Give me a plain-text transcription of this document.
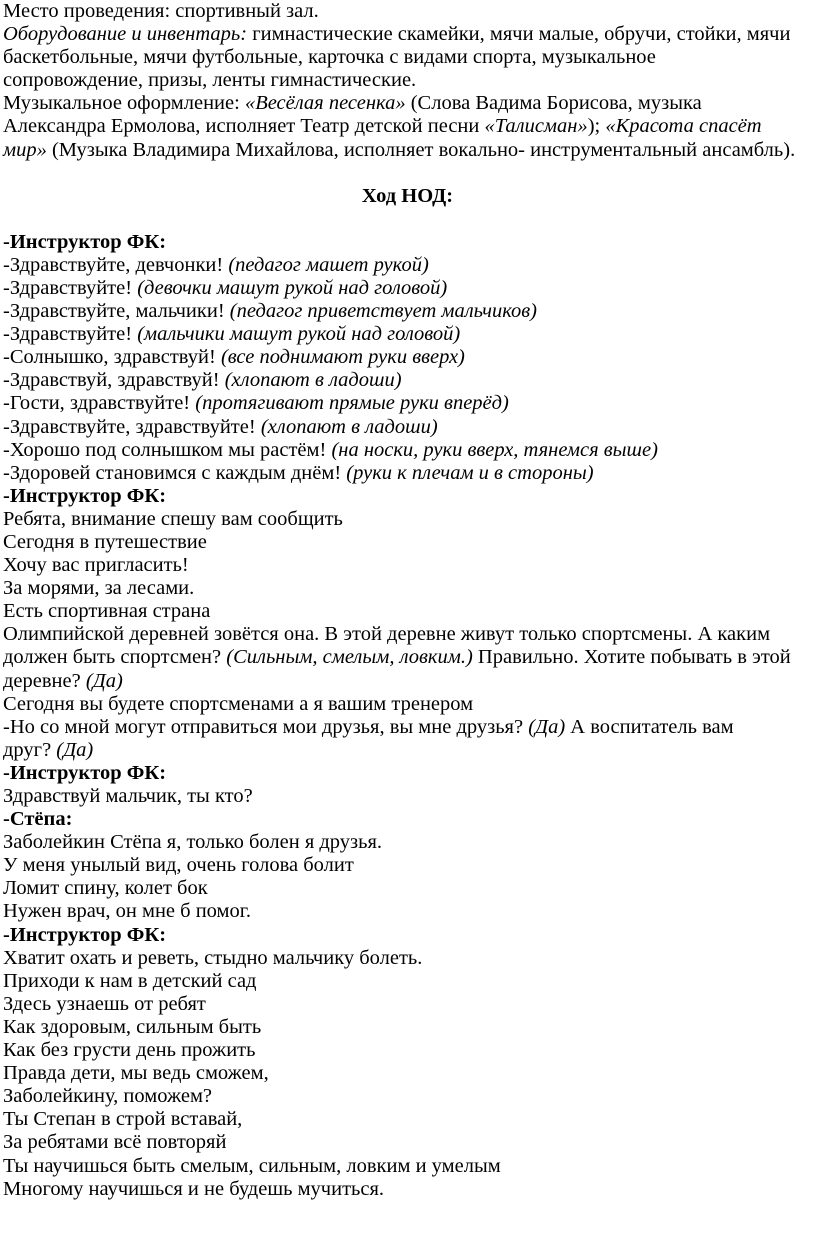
Место проведения: спортивный зал.
Оборудование и инвентарь: гимнастические скамейки, мячи малые, обручи, стойки, мячи
баскетбольные, мячи футбольные, карточка с видами спорта, музыкальное
сопровождение, призы, ленты гимнастические.
Музыкальное оформление: «Весёлая песенка» (Слова Вадима Борисова, музыка
Александра Ермолова, исполняет Театр детской песни «Талисман»); «Красота спасёт
мир» (Музыка Владимира Михайлова, исполняет вокально- инструментальный ансамбль).
Ход НОД:
-Инструктор ФК:
-Здравствуйте, девчонки! (педагог машет рукой)
-Здравствуйте! (девочки машут рукой над головой)
-Здравствуйте, мальчики! (педагог приветствует мальчиков)
-Здравствуйте! (мальчики машут рукой над головой)
-Солнышко, здравствуй! (все поднимают руки вверх)
-Здравствуй, здравствуй! (хлопают в ладоши)
-Гости, здравствуйте! (протягивают прямые руки вперёд)
-Здравствуйте, здравствуйте! (хлопают в ладоши)
-Хорошо под солнышком мы растём! (на носки, руки вверх, тянемся выше)
-Здоровей становимся с каждым днём! (руки к плечам и в стороны)
-Инструктор ФК:
Ребята, внимание спешу вам сообщить
Сегодня в путешествие
Хочу вас пригласить!
За морями, за лесами.
Есть спортивная страна
Олимпийской деревней зовётся она. В этой деревне живут только спортсмены. А каким
должен быть спортсмен? (Сильным, смелым, ловким.) Правильно. Хотите побывать в этой
деревне? (Да)
Сегодня вы будете спортсменами а я вашим тренером
-Но со мной могут отправиться мои друзья, вы мне друзья? (Да) А воспитатель вам
друг? (Да)
-Инструктор ФК:
Здравствуй мальчик, ты кто?
-Стёпа:
Заболейкин Стёпа я, только болен я друзья.
У меня унылый вид, очень голова болит
Ломит спину, колет бок
Нужен врач, он мне б помог.
-Инструктор ФК:
Хватит охать и реветь, стыдно мальчику болеть.
Приходи к нам в детский сад
Здесь узнаешь от ребят
Как здоровым, сильным быть
Как без грусти день прожить
Правда дети, мы ведь сможем,
Заболейкину, поможем?
Ты Степан в строй вставай,
За ребятами всё повторяй
Ты научишься быть смелым, сильным, ловким и умелым
Многому научишься и не будешь мучиться.
